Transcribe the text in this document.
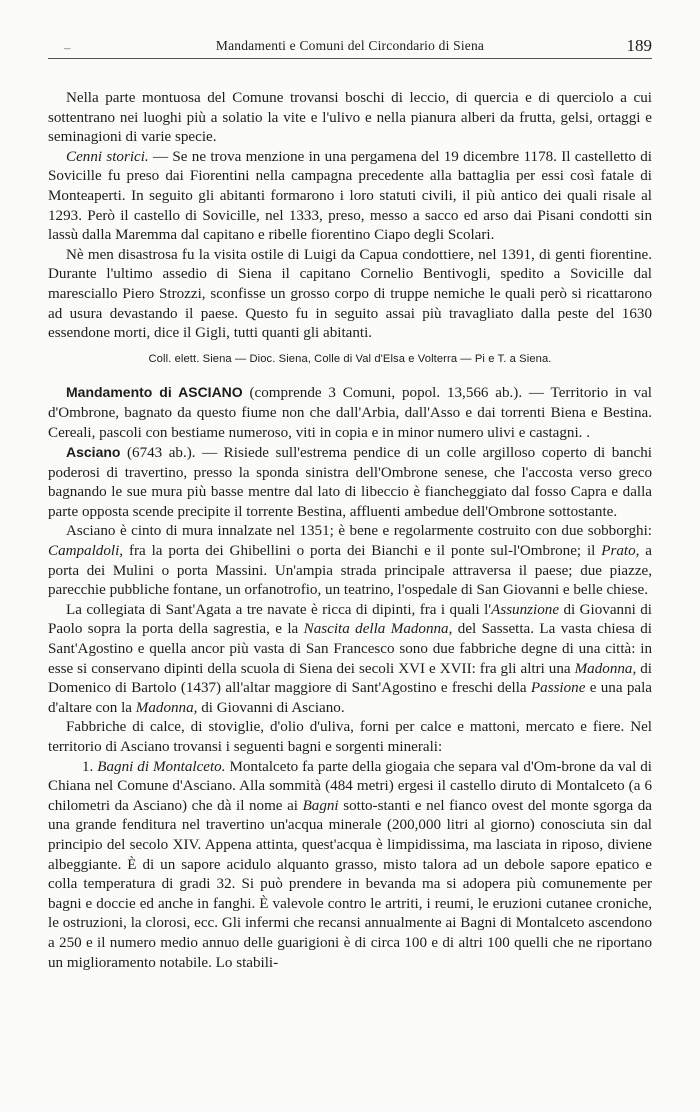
–	Mandamenti e Comuni del Circondario di Siena	189

Nella parte montuosa del Comune trovansi boschi di leccio, di quercia e di querciolo a cui sottentrano nei luoghi più a solatio la vite e l'ulivo e nella pianura alberi da frutta, gelsi, ortaggi e seminagioni di varie specie.

Cenni storici. — Se ne trova menzione in una pergamena del 19 dicembre 1178. Il castelletto di Sovicille fu preso dai Fiorentini nella campagna precedente alla battaglia per essi così fatale di Monteaperti. In seguito gli abitanti formarono i loro statuti civili, il più antico dei quali risale al 1293. Però il castello di Sovicille, nel 1333, preso, messo a sacco ed arso dai Pisani condotti sin lassù dalla Maremma dal capitano e ribelle fiorentino Ciapo degli Scolari.

Nè men disastrosa fu la visita ostile di Luigi da Capua condottiere, nel 1391, di genti fiorentine. Durante l'ultimo assedio di Siena il capitano Cornelio Bentivogli, spedito a Sovicille dal maresciallo Piero Strozzi, sconfisse un grosso corpo di truppe nemiche le quali però si ricattarono ad usura devastando il paese. Questo fu in seguito assai più travagliato dalla peste del 1630 essendone morti, dice il Gigli, tutti quanti gli abitanti.

Coll. elett. Siena — Dioc. Siena, Colle di Val d'Elsa e Volterra — Pi e T. a Siena.

Mandamento di ASCIANO (comprende 3 Comuni, popol. 13,566 ab.). — Territorio in val d'Ombrone, bagnato da questo fiume non che dall'Arbia, dall'Asso e dai torrenti Biena e Bestina. Cereali, pascoli con bestiame numeroso, viti in copia e in minor numero ulivi e castagni. .

Asciano (6743 ab.). — Risiede sull'estrema pendice di un colle argilloso coperto di banchi poderosi di travertino, presso la sponda sinistra dell'Ombrone senese, che l'accosta verso greco bagnando le sue mura più basse mentre dal lato di libeccio è fiancheggiato dal fosso Capra e dalla parte opposta scende precipite il torrente Bestina, affluenti ambedue dell'Ombrone sottostante.

Asciano è cinto di mura innalzate nel 1351; è bene e regolarmente costruito con due sobborghi: Campaldoli, fra la porta dei Ghibellini o porta dei Bianchi e il ponte sul-l'Ombrone; il Prato, a porta dei Mulini o porta Massini. Un'ampia strada principale attraversa il paese; due piazze, parecchie pubbliche fontane, un orfanotrofio, un teatrino, l'ospedale di San Giovanni e belle chiese.

La collegiata di Sant'Agata a tre navate è ricca di dipinti, fra i quali l'Assunzione di Giovanni di Paolo sopra la porta della sagrestia, e la Nascita della Madonna, del Sassetta. La vasta chiesa di Sant'Agostino e quella ancor più vasta di San Francesco sono due fabbriche degne di una città: in esse si conservano dipinti della scuola di Siena dei secoli XVI e XVII: fra gli altri una Madonna, di Domenico di Bartolo (1437) all'altar maggiore di Sant'Agostino e freschi della Passione e una pala d'altare con la Madonna, di Giovanni di Asciano.

Fabbriche di calce, di stoviglie, d'olio d'uliva, forni per calce e mattoni, mercato e fiere. Nel territorio di Asciano trovansi i seguenti bagni e sorgenti minerali:

1. Bagni di Montalceto. Montalceto fa parte della giogaia che separa val d'Om-brone da val di Chiana nel Comune d'Asciano. Alla sommità (484 metri) ergesi il castello diruto di Montalceto (a 6 chilometri da Asciano) che dà il nome ai Bagni sotto-stanti e nel fianco ovest del monte sgorga da una grande fenditura nel travertino un'acqua minerale (200,000 litri al giorno) conosciuta sin dal principio del secolo XIV. Appena attinta, quest'acqua è limpidissima, ma lasciata in riposo, diviene albeggiante. È di un sapore acidulo alquanto grasso, misto talora ad un debole sapore epatico e colla temperatura di gradi 32. Si può prendere in bevanda ma si adopera più comunemente per bagni e doccie ed anche in fanghi. È valevole contro le artriti, i reumi, le eruzioni cutanee croniche, le ostruzioni, la clorosi, ecc. Gli infermi che recansi annualmente ai Bagni di Montalceto ascendono a 250 e il numero medio annuo delle guarigioni è di circa 100 e di altri 100 quelli che ne riportano un miglioramento notabile. Lo stabili-
